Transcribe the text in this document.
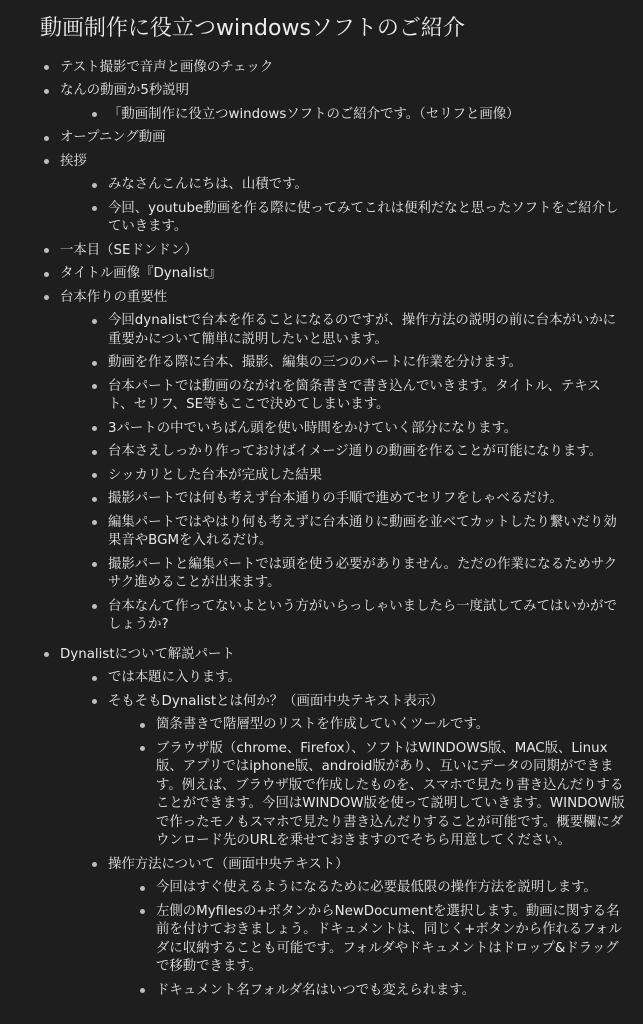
動画制作に役立つwindowsソフトのご紹介
テスト撮影で音声と画像のチェック
なんの動画か5秒説明
「動画制作に役立つwindowsソフトのご紹介です。（セリフと画像）
オープニング動画
挨拶
みなさんこんにちは、山積です。
今回、youtube動画を作る際に使ってみてこれは便利だなと思ったソフトをご紹介していきます。
一本目（SEドンドン）
タイトル画像『Dynalist』
台本作りの重要性
今回dynalistで台本を作ることになるのですが、操作方法の説明の前に台本がいかに重要かについて簡単に説明したいと思います。
動画を作る際に台本、撮影、編集の三つのパートに作業を分けます。
台本パートでは動画のながれを箇条書きで書き込んでいきます。タイトル、テキスト、セリフ、SE等もここで決めてしまいます。
3パートの中でいちばん頭を使い時間をかけていく部分になります。
台本さえしっかり作っておけばイメージ通りの動画を作ることが可能になります。
シッカリとした台本が完成した結果
撮影パートでは何も考えず台本通りの手順で進めてセリフをしゃべるだけ。
編集パートではやはり何も考えずに台本通りに動画を並べてカットしたり繋いだり効果音やBGMを入れるだけ。
撮影パートと編集パートでは頭を使う必要がありません。ただの作業になるためサクサク進めることが出来ます。
台本なんて作ってないよという方がいらっしゃいましたら一度試してみてはいかがでしょうか?
Dynalistについて解説パート
では本題に入ります。
そもそもDynalistとは何か？（画面中央テキスト表示）
箇条書きで階層型のリストを作成していくツールです。
ブラウザ版（chrome、Firefox）、ソフトはWINDOWS版、MAC版、Linux版、アプリではiphone版、android版があり、互いにデータの同期ができます。例えば、ブラウザ版で作成したものを、スマホで見たり書き込んだりすることができます。今回はWINDOW版を使って説明していきます。WINDOW版で作ったモノもスマホで見たり書き込んだりすることが可能です。概要欄にダウンロード先のURLを乗せておきますのでそちら用意してください。
操作方法について（画面中央テキスト）
今回はすぐ使えるようになるために必要最低限の操作方法を説明します。
左側のMyfilesの+ボタンからNewDocumentを選択します。動画に関する名前を付けておきましょう。ドキュメントは、同じく+ボタンから作れるフォルダに収納することも可能です。フォルダやドキュメントはドロップ&ドラッグで移動できます。
ドキュメント名フォルダ名はいつでも変えられます。
